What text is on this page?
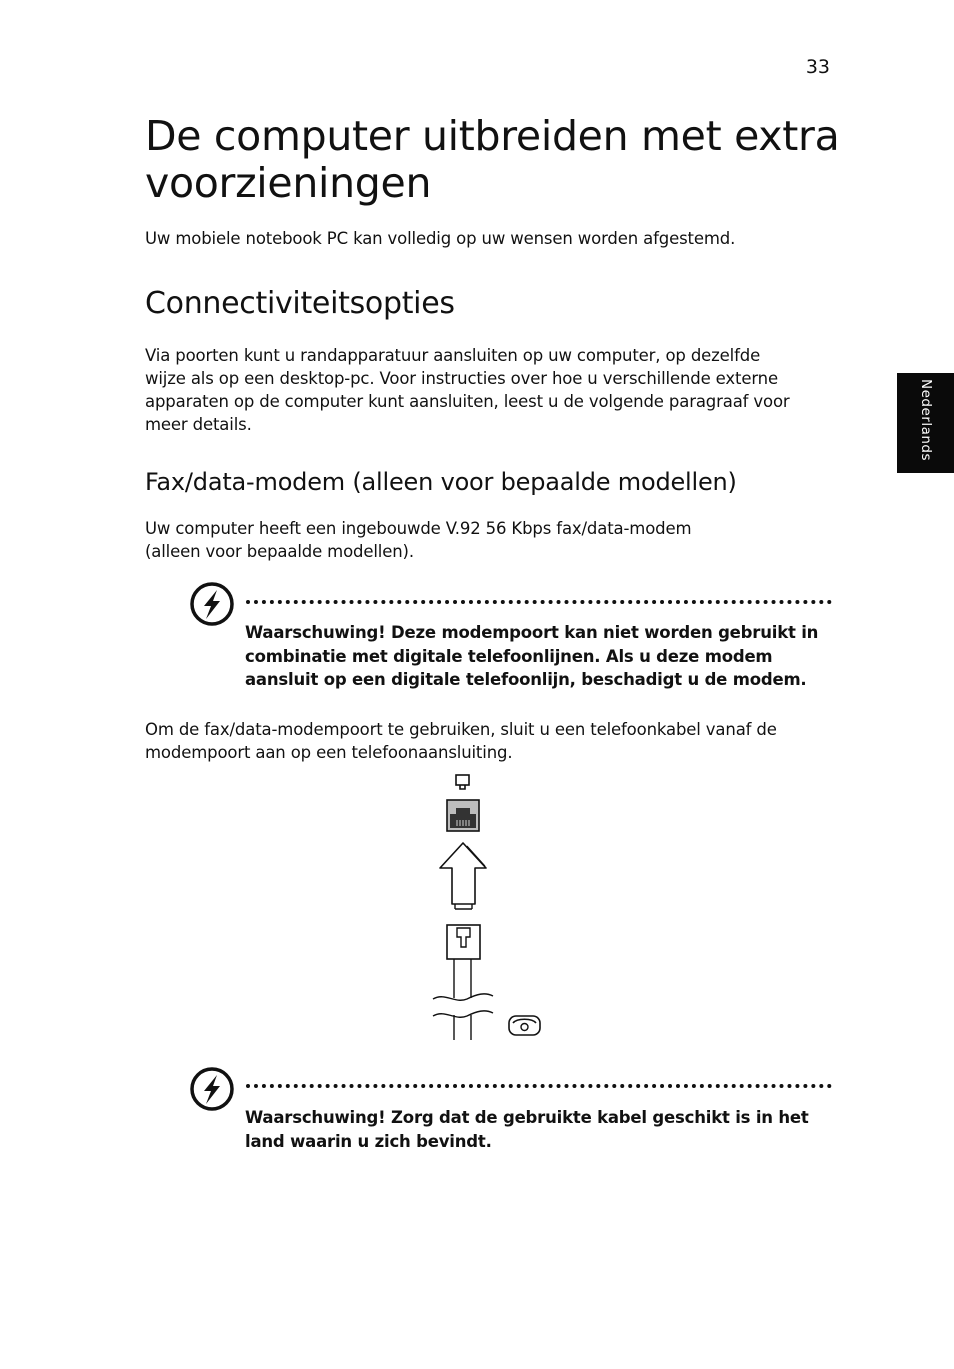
33
Nederlands
De computer uitbreiden met extra
voorzieningen

Uw mobiele notebook PC kan volledig op uw wensen worden afgestemd.

Connectiviteitsopties

Via poorten kunt u randapparatuur aansluiten op uw computer, op dezelfde
wijze als op een desktop-pc. Voor instructies over hoe u verschillende externe
apparaten op de computer kunt aansluiten, leest u de volgende paragraaf voor
meer details.

Fax/data-modem (alleen voor bepaalde modellen)

Uw computer heeft een ingebouwde V.92 56 Kbps fax/data-modem
(alleen voor bepaalde modellen).

Waarschuwing! Deze modempoort kan niet worden gebruikt in
combinatie met digitale telefoonlijnen. Als u deze modem
aansluit op een digitale telefoonlijn, beschadigt u de modem.

Om de fax/data-modempoort te gebruiken, sluit u een telefoonkabel vanaf de
modempoort aan op een telefoonaansluiting.

Waarschuwing! Zorg dat de gebruikte kabel geschikt is in het
land waarin u zich bevindt.
